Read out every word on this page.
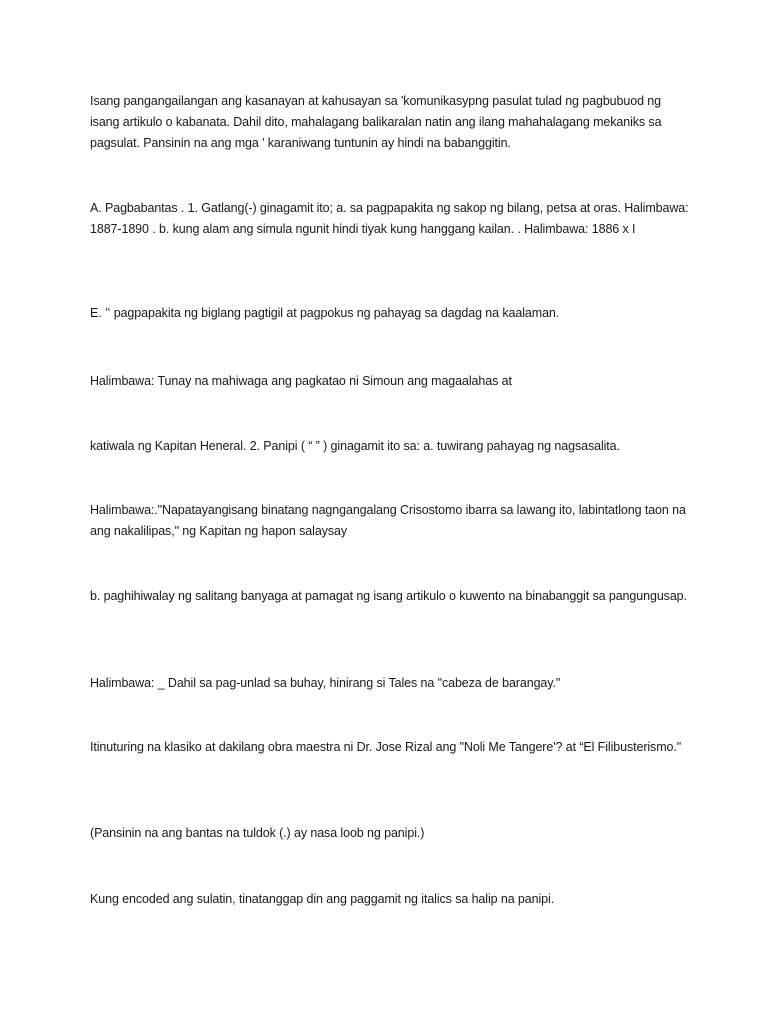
Isang pangangailangan ang kasanayan at kahusayan sa 'komunikasypng pasulat tulad ng pagbubuod ng isang artikulo o kabanata. Dahil dito, mahalagang balikaralan natin ang ilang mahahalagang mekaniks sa pagsulat. Pansinin na ang mga ' karaniwang tuntunin ay hindi na babanggitin.

A. Pagbabantas . 1. Gatlang(-) ginagamit ito; a. sa pagpapakita ng sakop ng bilang, petsa at oras. Halimbawa: 1887-1890 . b. kung alam ang simula ngunit hindi tiyak kung hanggang kailan. . Halimbawa: 1886 x I

E. ʻʻ pagpapakita ng biglang pagtigil at pagpokus ng pahayag sa dagdag na kaalaman.

Halimbawa: Tunay na mahiwaga ang pagkatao ni Simoun ang magaalahas at

katiwala ng Kapitan Heneral. 2. Panipi ( “ ” ) ginagamit ito sa: a. tuwirang pahayag ng nagsasalita.

Halimbawa:."Napatayangisang binatang nagngangalang Crisostomo ibarra sa lawang ito, labintatlong taon na ang nakalilipas," ng Kapitan ng hapon salaysay

b. paghihiwalay ng salitang banyaga at pamagat ng isang artikulo o kuwento na binabanggit sa pangungusap.

Halimbawa: _ Dahil sa pag-unlad sa buhay, hinirang si Tales na "cabeza de barangay."

Itinuturing na klasiko at dakilang obra maestra ni Dr. Jose Rizal ang "Noli Me Tangere'? at “El Filibusterismo."

(Pansinin na ang bantas na tuldok (.) ay nasa loob ng panipi.)

Kung encoded ang sulatin, tinatanggap din ang paggamit ng italics sa halip na panipi.
